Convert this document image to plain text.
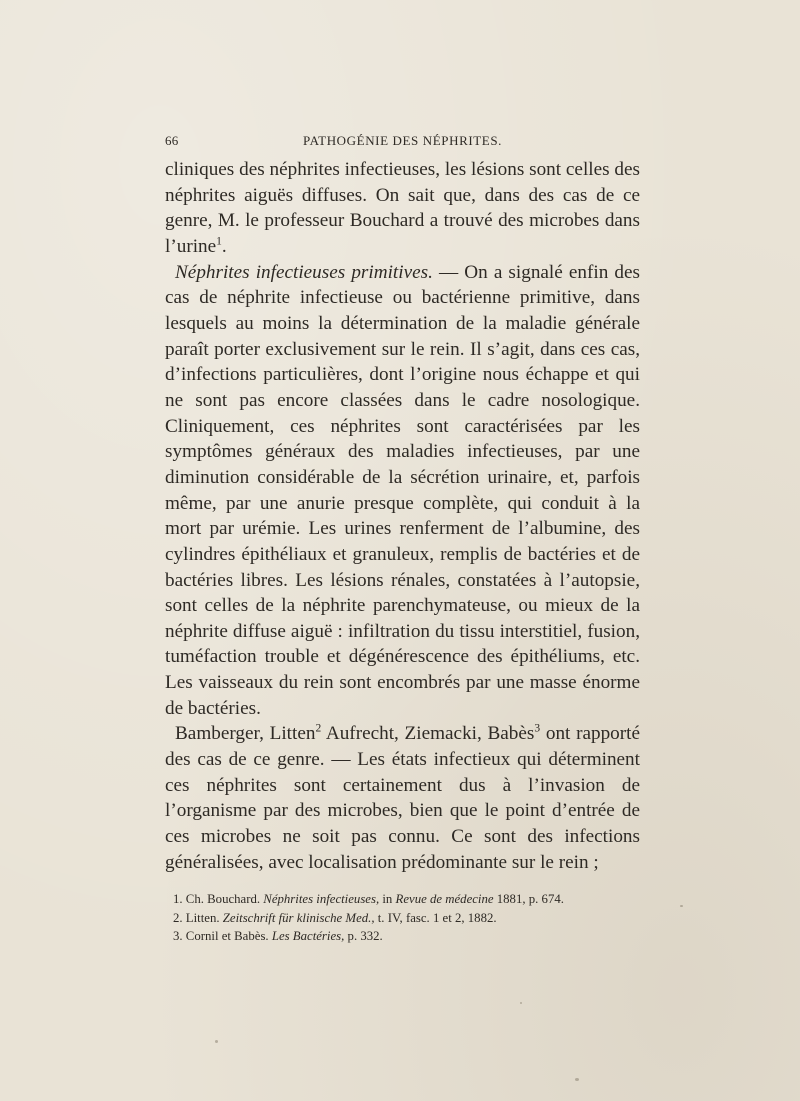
66	PATHOGÉNIE DES NÉPHRITES.

cliniques des néphrites infectieuses, les lésions sont celles des néphrites aiguës diffuses. On sait que, dans des cas de ce genre, M. le professeur Bouchard a trouvé des microbes dans l’urine$^1$.

Néphrites infectieuses primitives. — On a signalé enfin des cas de néphrite infectieuse ou bactérienne primitive, dans lesquels au moins la détermination de la maladie générale paraît porter exclusivement sur le rein. Il s’agit, dans ces cas, d’infections particulières, dont l’origine nous échappe et qui ne sont pas encore classées dans le cadre nosologique. Cliniquement, ces néphrites sont caractérisées par les symptômes généraux des maladies infectieuses, par une diminution considérable de la sécrétion urinaire, et, parfois même, par une anurie presque complète, qui conduit à la mort par urémie. Les urines renferment de l’albumine, des cylindres épithéliaux et granuleux, remplis de bactéries et de bactéries libres. Les lésions rénales, constatées à l’autopsie, sont celles de la néphrite parenchymateuse, ou mieux de la néphrite diffuse aiguë : infiltration du tissu interstitiel, fusion, tuméfaction trouble et dégénérescence des épithéliums, etc. Les vaisseaux du rein sont encombrés par une masse énorme de bactéries.

Bamberger, Litten$^2$ Aufrecht, Ziemacki, Babès$^3$ ont rapporté des cas de ce genre. — Les états infectieux qui déterminent ces néphrites sont certainement dus à l’invasion de l’organisme par des microbes, bien que le point d’entrée de ces microbes ne soit pas connu. Ce sont des infections généralisées, avec localisation prédominante sur le rein ;

1. Ch. Bouchard. Néphrites infectieuses, in Revue de médecine 1881, p. 674.

2. Litten. Zeitschrift für klinische Med., t. IV, fasc. 1 et 2, 1882.

3. Cornil et Babès. Les Bactéries, p. 332.
